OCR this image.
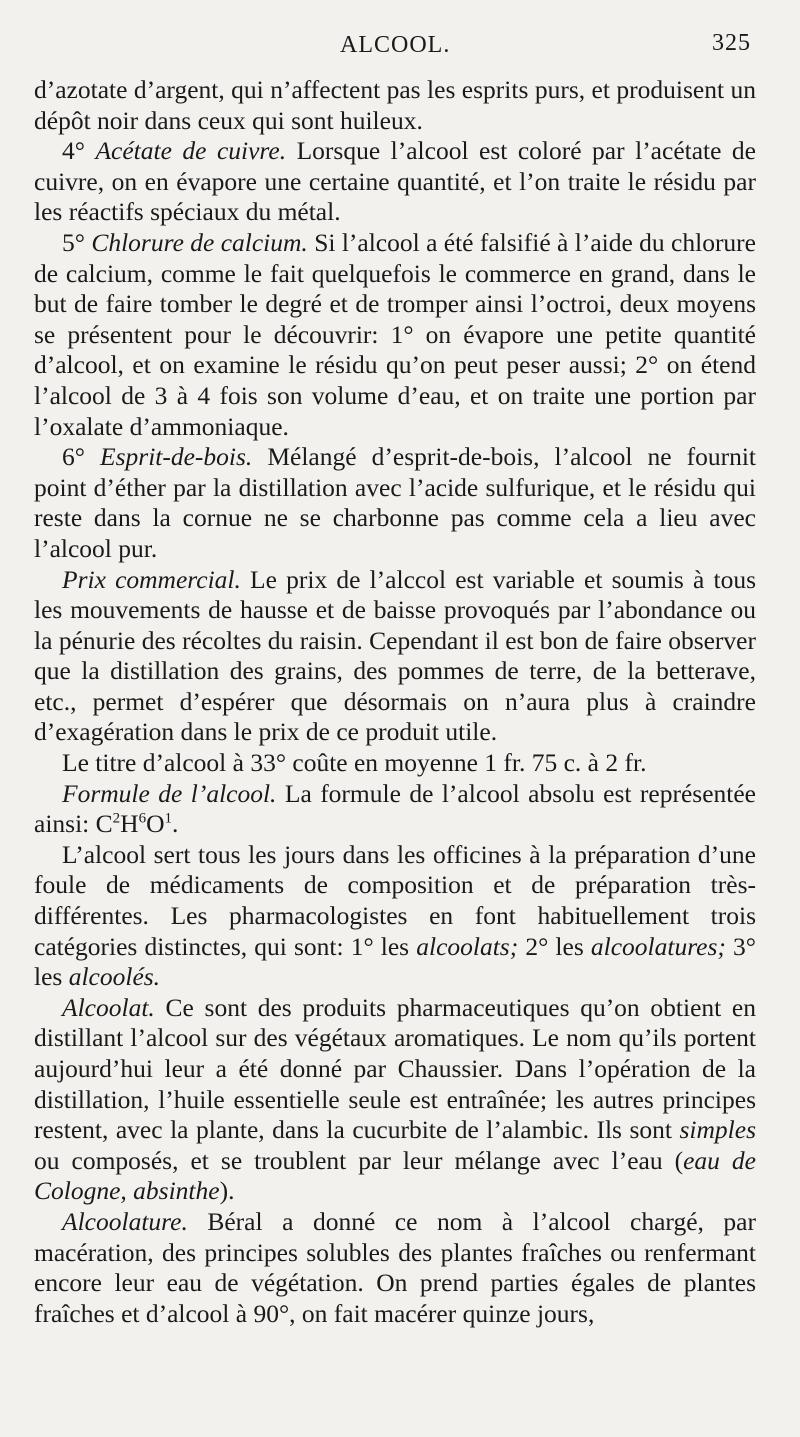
ALCOOL.	325

d’azotate d’argent, qui n’affectent pas les esprits purs, et produisent un dépôt noir dans ceux qui sont huileux.

4° Acétate de cuivre. Lorsque l’alcool est coloré par l’acétate de cuivre, on en évapore une certaine quantité, et l’on traite le résidu par les réactifs spéciaux du métal.

5° Chlorure de calcium. Si l’alcool a été falsifié à l’aide du chlorure de calcium, comme le fait quelquefois le commerce en grand, dans le but de faire tomber le degré et de tromper ainsi l’octroi, deux moyens se présentent pour le découvrir: 1° on évapore une petite quantité d’alcool, et on examine le résidu qu’on peut peser aussi; 2° on étend l’alcool de 3 à 4 fois son volume d’eau, et on traite une portion par l’oxalate d’ammoniaque.

6° Esprit-de-bois. Mélangé d’esprit-de-bois, l’alcool ne fournit point d’éther par la distillation avec l’acide sulfurique, et le résidu qui reste dans la cornue ne se charbonne pas comme cela a lieu avec l’alcool pur.

Prix commercial. Le prix de l’alccol est variable et soumis à tous les mouvements de hausse et de baisse provoqués par l’abondance ou la pénurie des récoltes du raisin. Cependant il est bon de faire observer que la distillation des grains, des pommes de terre, de la betterave, etc., permet d’espérer que désormais on n’aura plus à craindre d’exagération dans le prix de ce produit utile.

Le titre d’alcool à 33° coûte en moyenne 1 fr. 75 c. à 2 fr.

Formule de l’alcool. La formule de l’alcool absolu est représentée ainsi: $C^2H^6O^1$.

L’alcool sert tous les jours dans les officines à la préparation d’une foule de médicaments de composition et de préparation très-différentes. Les pharmacologistes en font habituellement trois catégories distinctes, qui sont: 1° les alcoolats; 2° les alcoolatures; 3° les alcoolés.

Alcoolat. Ce sont des produits pharmaceutiques qu’on obtient en distillant l’alcool sur des végétaux aromatiques. Le nom qu’ils portent aujourd’hui leur a été donné par Chaussier. Dans l’opération de la distillation, l’huile essentielle seule est entraînée; les autres principes restent, avec la plante, dans la cucurbite de l’alambic. Ils sont simples ou composés, et se troublent par leur mélange avec l’eau (eau de Cologne, absinthe).

Alcoolature. Béral a donné ce nom à l’alcool chargé, par macération, des principes solubles des plantes fraîches ou renfermant encore leur eau de végétation. On prend parties égales de plantes fraîches et d’alcool à 90°, on fait macérer quinze jours,
